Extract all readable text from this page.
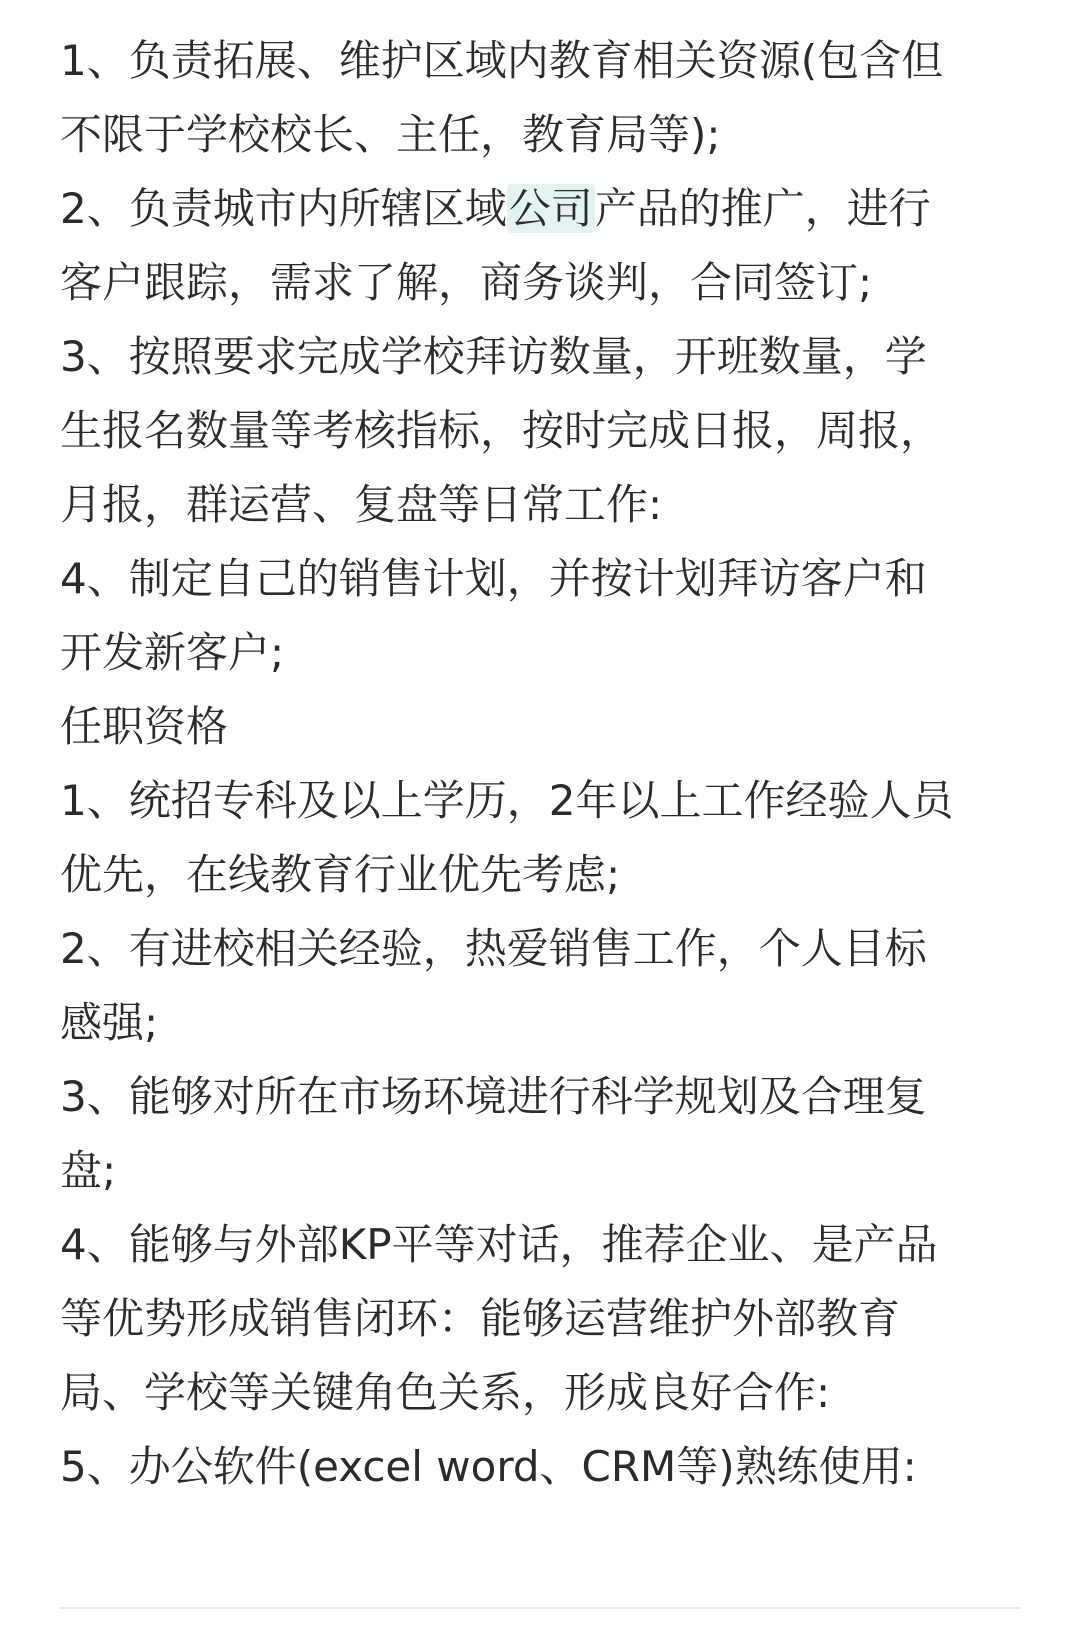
1、负责拓展、维护区域内教育相关资源(包含但
不限于学校校长、主任，教育局等);
2、负责城市内所辖区域公司产品的推广，进行
客户跟踪，需求了解，商务谈判，合同签订;
3、按照要求完成学校拜访数量，开班数量，学
生报名数量等考核指标，按时完成日报，周报，
月报，群运营、复盘等日常工作:
4、制定自己的销售计划，并按计划拜访客户和
开发新客户;
任职资格
1、统招专科及以上学历，2年以上工作经验人员
优先，在线教育行业优先考虑;
2、有进校相关经验，热爱销售工作，个人目标
感强;
3、能够对所在市场环境进行科学规划及合理复
盘;
4、能够与外部KP平等对话，推荐企业、是产品
等优势形成销售闭环：能够运营维护外部教育
局、学校等关键角色关系，形成良好合作:
5、办公软件(excel word、CRM等)熟练使用:
